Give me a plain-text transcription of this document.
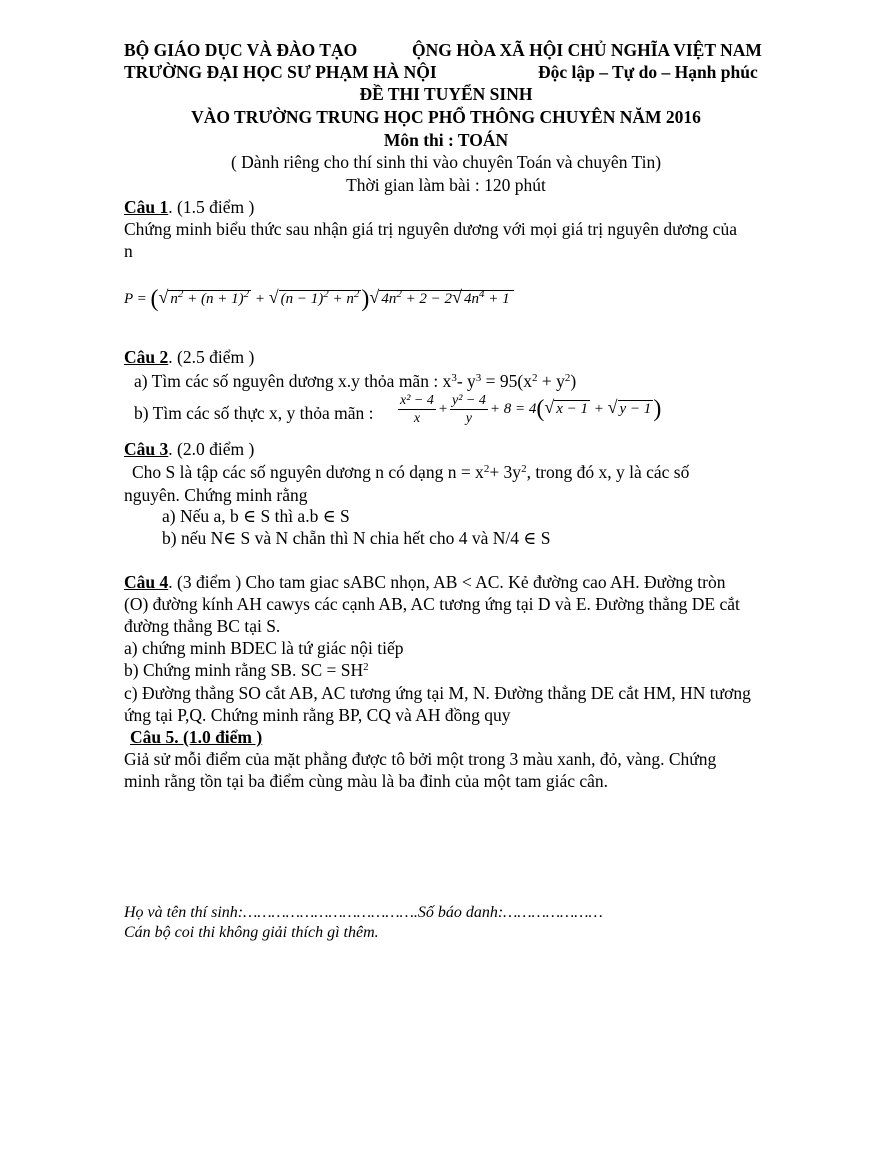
BỘ GIÁO DỤC VÀ ĐÀO TẠO	ỘNG HÒA XÃ HỘI CHỦ NGHĨA VIỆT NAM
TRƯỜNG ĐẠI HỌC SƯ PHẠM HÀ NỘI	Độc lập – Tự do – Hạnh phúc
ĐỀ THI TUYỂN SINH
VÀO TRƯỜNG TRUNG HỌC PHỔ THÔNG CHUYÊN NĂM 2016
Môn thi : TOÁN
( Dành riêng cho thí sinh thi vào chuyên Toán và chuyên Tin)
Thời gian làm bài : 120 phút
Câu 1. (1.5 điểm )
Chứng minh biểu thức sau nhận giá trị nguyên dương với mọi giá trị nguyên dương của
n
P = (√ $n^2 + (n + 1)^2$ + √ $(n - 1)^2 + n^2)√$ $4n^2 + 2 - 2√$ $4n^4 + 1$
Câu 2. (2.5 điểm )
a) Tìm các số nguyên dương x.y thỏa mãn : $x^3-$ $y^3 = 95(x^2 + y^2)$
b) Tìm các số thực x, y thỏa mãn : $\frac{\text{x² − 4}}{x} + \frac{\text{y² − 4}}{y} + 8 = 4(√$ x − 1 + √ y − 1)
Câu 3. (2.0 điểm )
Cho S là tập các số nguyên dương n có dạng $n = x^2+ 3y^2$, trong đó x, y là các số
nguyên. Chứng minh rằng
a) Nếu a, b ∈ S thì a.b ∈ S
b) nếu N∈ S và N chẵn thì N chia hết cho 4 và N/4 ∈ S
Câu 4. (3 điểm ) Cho tam giac sABC nhọn, AB < AC. Kẻ đường cao AH. Đường tròn
(O) đường kính AH cawys các cạnh AB, AC tương ứng tại D và E. Đường thẳng DE cắt
đường thẳng BC tại S.
a) chứng minh BDEC là tứ giác nội tiếp
b) Chứng minh rằng SB. SC = $SH^2$
c) Đường thẳng SO cắt AB, AC tương ứng tại M, N. Đường thẳng DE cắt HM, HN tương
ứng tại P,Q. Chứng minh rằng BP, CQ và AH đồng quy
Câu 5. (1.0 điểm )
Giả sử mỗi điểm của mặt phẳng được tô bởi một trong 3 màu xanh, đỏ, vàng. Chứng
minh rằng tồn tại ba điểm cùng màu là ba đỉnh của một tam giác cân.
Họ và tên thí sinh:……………………………….Số báo danh:…………………
Cán bộ coi thi không giải thích gì thêm.
